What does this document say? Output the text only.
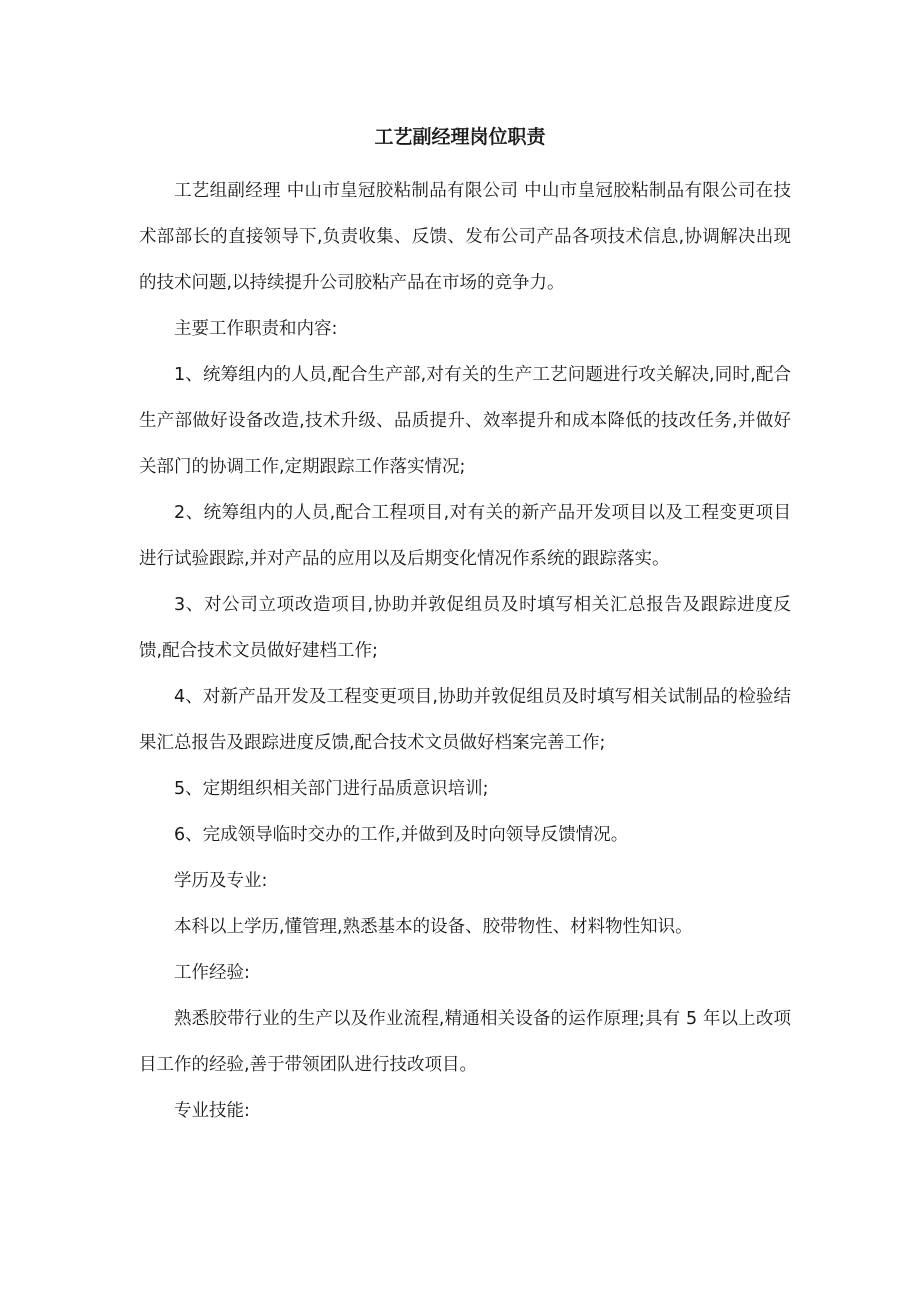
工艺副经理岗位职责

工艺组副经理 中山市皇冠胶粘制品有限公司 中山市皇冠胶粘制品有限公司在技术部部长的直接领导下,负责收集、反馈、发布公司产品各项技术信息,协调解决出现的技术问题,以持续提升公司胶粘产品在市场的竞争力。

主要工作职责和内容:

1、统筹组内的人员,配合生产部,对有关的生产工艺问题进行攻关解决,同时,配合生产部做好设备改造,技术升级、品质提升、效率提升和成本降低的技改任务,并做好关部门的协调工作,定期跟踪工作落实情况;

2、统筹组内的人员,配合工程项目,对有关的新产品开发项目以及工程变更项目进行试验跟踪,并对产品的应用以及后期变化情况作系统的跟踪落实。

3、对公司立项改造项目,协助并敦促组员及时填写相关汇总报告及跟踪进度反馈,配合技术文员做好建档工作;

4、对新产品开发及工程变更项目,协助并敦促组员及时填写相关试制品的检验结果汇总报告及跟踪进度反馈,配合技术文员做好档案完善工作;

5、定期组织相关部门进行品质意识培训;

6、完成领导临时交办的工作,并做到及时向领导反馈情况。

学历及专业:

本科以上学历,懂管理,熟悉基本的设备、胶带物性、材料物性知识。

工作经验:

熟悉胶带行业的生产以及作业流程,精通相关设备的运作原理;具有 5 年以上改项目工作的经验,善于带领团队进行技改项目。

专业技能:
